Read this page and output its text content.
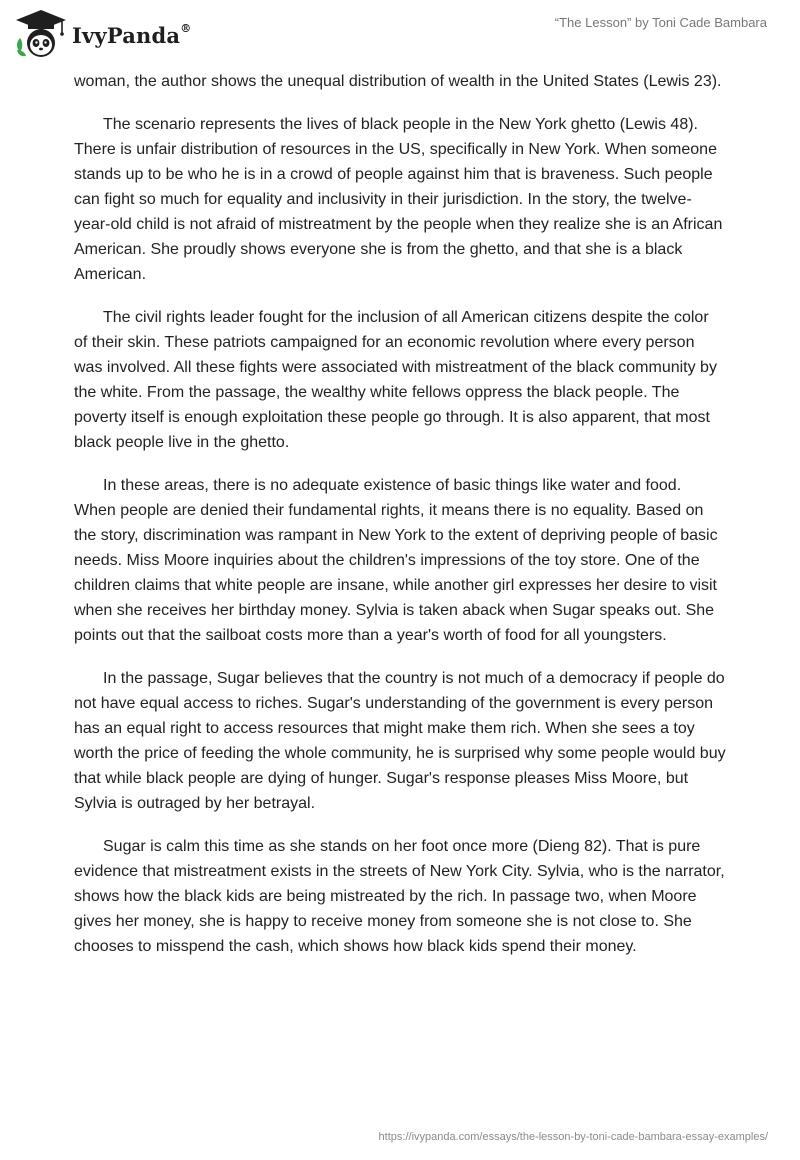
IvyPanda®	“The Lesson” by Toni Cade Bambara

woman, the author shows the unequal distribution of wealth in the United States (Lewis 23).

The scenario represents the lives of black people in the New York ghetto (Lewis 48). There is unfair distribution of resources in the US, specifically in New York. When someone stands up to be who he is in a crowd of people against him that is braveness. Such people can fight so much for equality and inclusivity in their jurisdiction. In the story, the twelve-year-old child is not afraid of mistreatment by the people when they realize she is an African American. She proudly shows everyone she is from the ghetto, and that she is a black American.

The civil rights leader fought for the inclusion of all American citizens despite the color of their skin. These patriots campaigned for an economic revolution where every person was involved. All these fights were associated with mistreatment of the black community by the white. From the passage, the wealthy white fellows oppress the black people. The poverty itself is enough exploitation these people go through. It is also apparent, that most black people live in the ghetto.

In these areas, there is no adequate existence of basic things like water and food. When people are denied their fundamental rights, it means there is no equality. Based on the story, discrimination was rampant in New York to the extent of depriving people of basic needs. Miss Moore inquiries about the children's impressions of the toy store. One of the children claims that white people are insane, while another girl expresses her desire to visit when she receives her birthday money. Sylvia is taken aback when Sugar speaks out. She points out that the sailboat costs more than a year's worth of food for all youngsters.

In the passage, Sugar believes that the country is not much of a democracy if people do not have equal access to riches. Sugar's understanding of the government is every person has an equal right to access resources that might make them rich. When she sees a toy worth the price of feeding the whole community, he is surprised why some people would buy that while black people are dying of hunger. Sugar's response pleases Miss Moore, but Sylvia is outraged by her betrayal.

Sugar is calm this time as she stands on her foot once more (Dieng 82). That is pure evidence that mistreatment exists in the streets of New York City. Sylvia, who is the narrator, shows how the black kids are being mistreated by the rich. In passage two, when Moore gives her money, she is happy to receive money from someone she is not close to. She chooses to misspend the cash, which shows how black kids spend their money.

https://ivypanda.com/essays/the-lesson-by-toni-cade-bambara-essay-examples/
